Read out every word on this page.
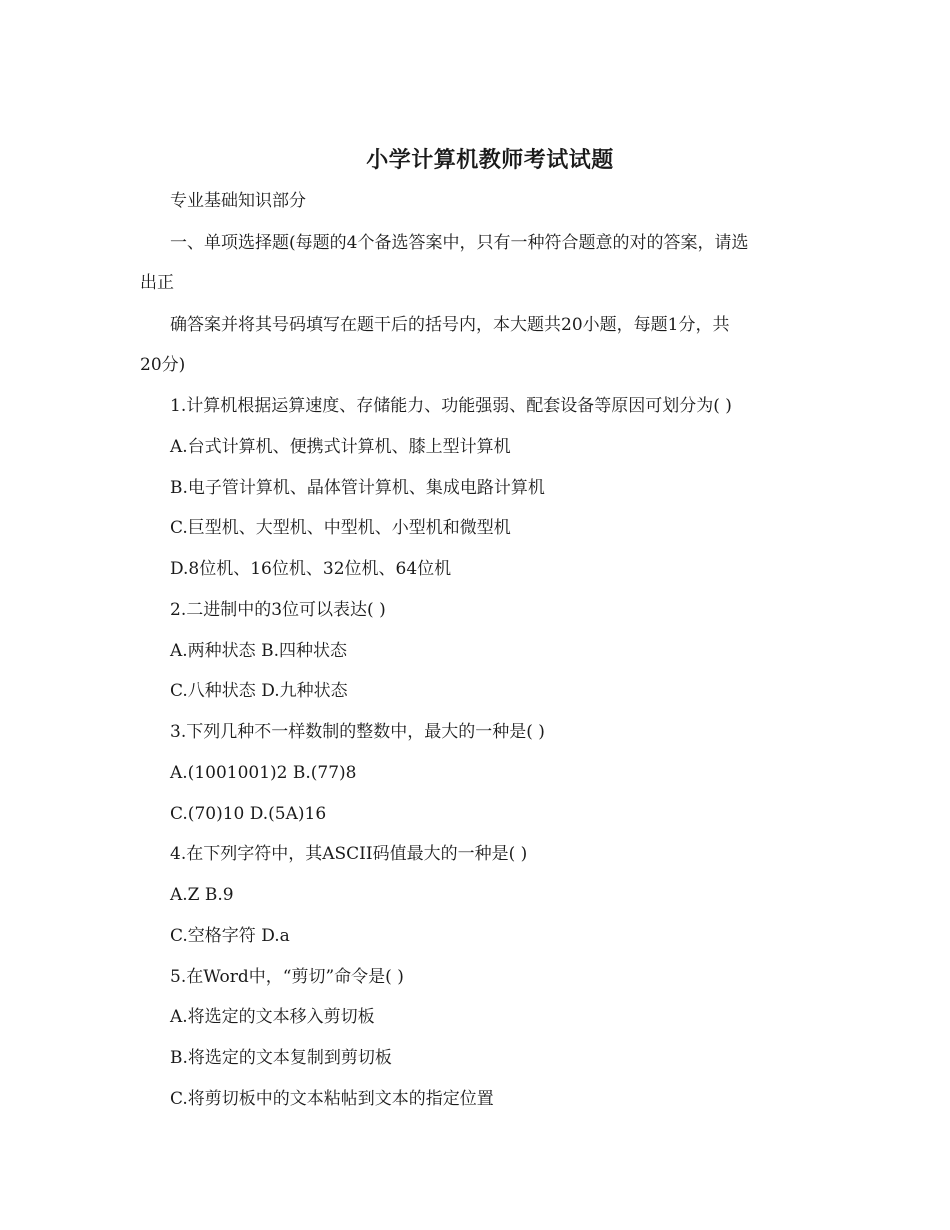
小学计算机教师考试试题
专业基础知识部分
一、单项选择题(每题的4个备选答案中，只有一种符合题意的对的答案，请选
出正
确答案并将其号码填写在题干后的括号内，本大题共20小题，每题1分，共
20分)
1.计算机根据运算速度、存储能力、功能强弱、配套设备等原因可划分为( )
A.台式计算机、便携式计算机、膝上型计算机
B.电子管计算机、晶体管计算机、集成电路计算机
C.巨型机、大型机、中型机、小型机和微型机
D.8位机、16位机、32位机、64位机
2.二进制中的3位可以表达( )
A.两种状态 B.四种状态
C.八种状态 D.九种状态
3.下列几种不一样数制的整数中，最大的一种是( )
A.(1001001)2 B.(77)8
C.(70)10 D.(5A)16
4.在下列字符中，其ASCII码值最大的一种是( )
A.Z B.9
C.空格字符 D.a
5.在Word中，“剪切”命令是( )
A.将选定的文本移入剪切板
B.将选定的文本复制到剪切板
C.将剪切板中的文本粘帖到文本的指定位置
